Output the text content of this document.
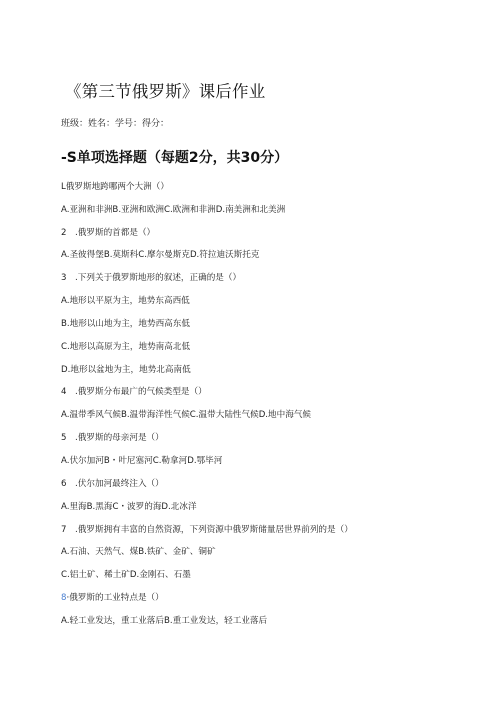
《第三节俄罗斯》课后作业
班级：姓名：学号：得分：
-S单项选择题（每题2分，共30分）
L俄罗斯地跨哪两个大洲（）
A.亚洲和非洲B.亚洲和欧洲C.欧洲和非洲D.南美洲和北美洲
2　.俄罗斯的首都是（）
A.圣彼得堡B.莫斯科C.摩尔曼斯克D.符拉迪沃斯托克
3　.下列关于俄罗斯地形的叙述，正确的是（）
A.地形以平原为主，地势东高西低
B.地形以山地为主，地势西高东低
C.地形以高原为主，地势南高北低
D.地形以盆地为主，地势北高南低
4　.俄罗斯分布最广的气候类型是（）
A.温带季风气候B.温带海洋性气候C.温带大陆性气候D.地中海气候
5　.俄罗斯的母亲河是（）
A.伏尔加河B・叶尼塞河C.勒拿河D.鄂毕河
6　.伏尔加河最终注入（）
A.里海B.黑海C・波罗的海D.北冰洋
7　.俄罗斯拥有丰富的自然资源，下列资源中俄罗斯储量居世界前列的是（）
A.石油、天然气、煤B.铁矿、金矿、铜矿
C.铝土矿、稀土矿D.金刚石、石墨
8·俄罗斯的工业特点是（）
A.轻工业发达，重工业落后B.重工业发达，轻工业落后
